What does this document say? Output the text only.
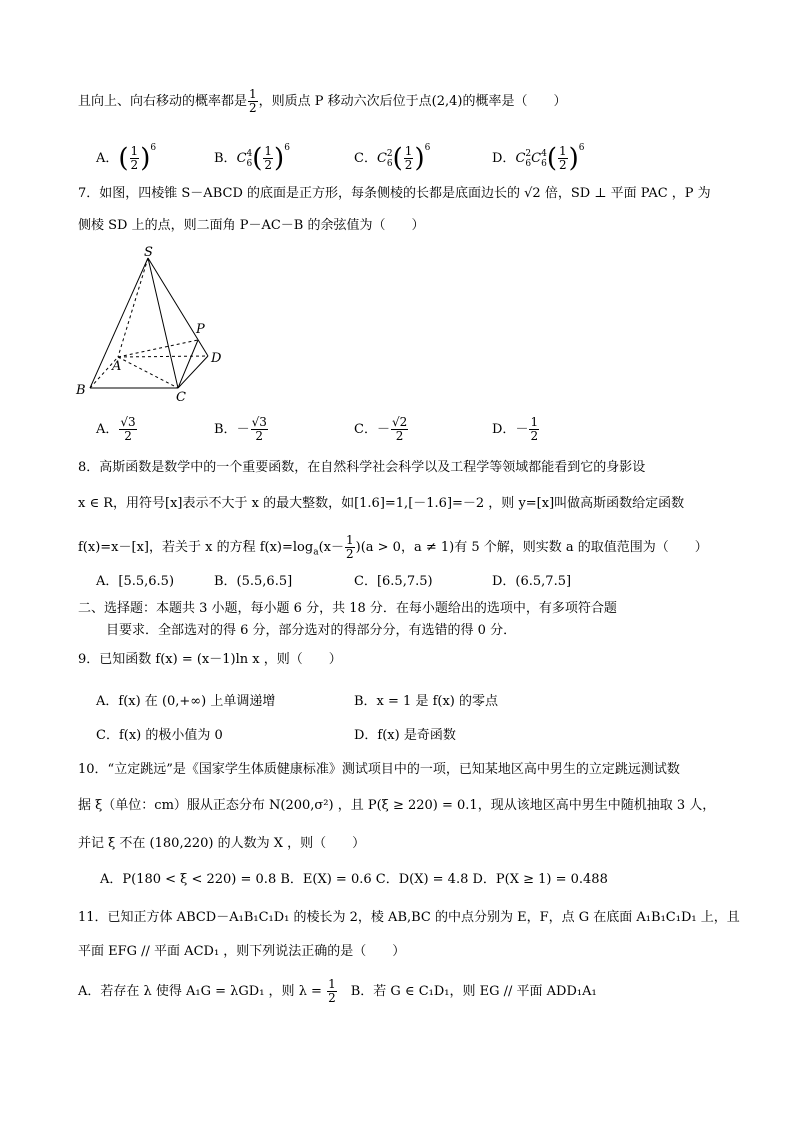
且向上、向右移动的概率都是 $\frac{1}{2}$ ，则质点 P 移动六次后位于点(2,4)的概率是（　　）
A．( $\frac{1}{2} )^6$
B．C 4
6 ( $\frac{1}{2} )^6$
C．C 2
6 ( $\frac{1}{2} )^6$
D．C 2
6 C 4
6 ( $\frac{1}{2} )^6$
7．如图，四棱锥 S－ABCD 的底面是正方形，每条侧棱的长都是底面边长的 √2 倍，SD ⊥ 平面 PAC ，P 为
侧棱 SD 上的点，则二面角 P－AC－B 的余弦值为（　　）
S
P
A
D
B	C
A． $\frac{√3}{2}$	B．－ $\frac{√3}{2}$	C．－ $\frac{√2}{2}$	D．－ $\frac{1}{2}$
8．高斯函数是数学中的一个重要函数，在自然科学社会科学以及工程学等领域都能看到它的身影设
x ∈ R，用符号[x]表示不大于 x 的最大整数，如[1.6]=1,[－1.6]=－2 ，则 y=[x]叫做高斯函数给定函数
f(x)=x－[x]，若关于 x 的方程 $f(x)=\log_a(x- \frac{1}{2} )(a > 0$，a ≠ 1)有 5 个解，则实数 a 的取值范围为（　　）
A．[5.5,6.5)	B．(5.5,6.5]	C．[6.5,7.5)	D．(6.5,7.5]
二、选择题：本题共 3 小题，每小题 6 分，共 18 分．在每小题给出的选项中，有多项符合题
目要求．全部选对的得 6 分，部分选对的得部分分，有选错的得 0 分．
9．已知函数 f(x) = (x－1)ln x ，则（　　）
A．f(x) 在 (0,+∞) 上单调递增	B．x = 1 是 f(x) 的零点
C．f(x) 的极小值为 0	D．f(x) 是奇函数
10．“立定跳远”是《国家学生体质健康标准》测试项目中的一项，已知某地区高中男生的立定跳远测试数
据 ξ（单位：cm）服从正态分布 N(200,σ²) ，且 P(ξ ≥ 220) = 0.1，现从该地区高中男生中随机抽取 3 人，
并记 ξ 不在 (180,220) 的人数为 X ，则（　　）
A．P(180 < ξ < 220) = 0.8 B．E(X) = 0.6 C．D(X) = 4.8 D．P(X ≥ 1) = 0.488
11．已知正方体 ABCD－A₁B₁C₁D₁ 的棱长为 2，棱 AB,BC 的中点分别为 E，F，点 G 在底面 A₁B₁C₁D₁ 上，且
平面 EFG // 平面 ACD₁ ，则下列说法正确的是（　　）
A．若存在 λ 使得 A₁G = λGD₁ ，则 $\lambda = \frac{1}{2}$ 　B．若 G ∈ C₁D₁，则 EG // 平面 ADD₁A₁
